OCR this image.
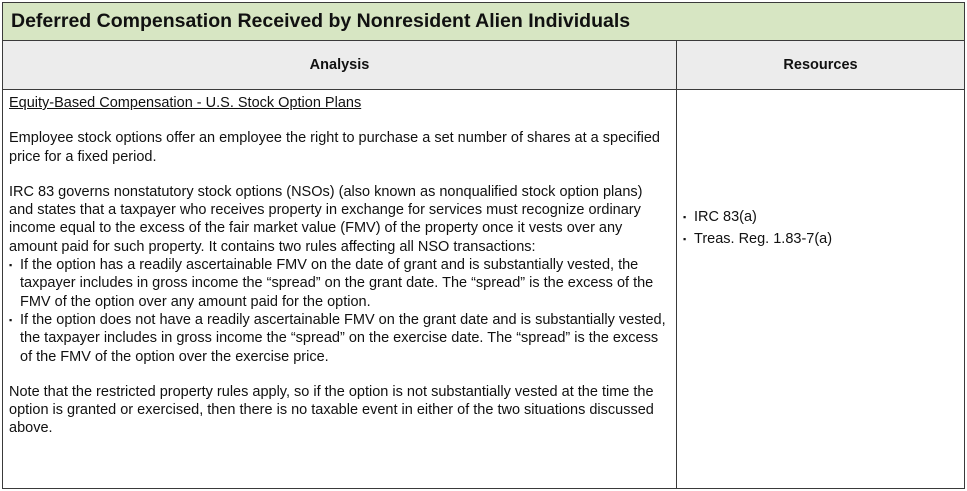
Deferred Compensation Received by Nonresident Alien Individuals
Analysis	Resources

Equity-Based Compensation - U.S. Stock Option Plans

Employee stock options offer an employee the right to purchase a set number of shares at a specified price for a fixed period.

IRC 83 governs nonstatutory stock options (NSOs) (also known as nonqualified stock option plans) and states that a taxpayer who receives property in exchange for services must recognize ordinary income equal to the excess of the fair market value (FMV) of the property once it vests over any amount paid for such property. It contains two rules affecting all NSO transactions:

▪ If the option has a readily ascertainable FMV on the date of grant and is substantially vested, the taxpayer includes in gross income the “spread” on the grant date. The “spread” is the excess of the FMV of the option over any amount paid for the option.
▪ If the option does not have a readily ascertainable FMV on the grant date and is substantially vested, the taxpayer includes in gross income the “spread” on the exercise date. The “spread” is the excess of the FMV of the option over the exercise price.

Note that the restricted property rules apply, so if the option is not substantially vested at the time the option is granted or exercised, then there is no taxable event in either of the two situations discussed above.

▪ IRC 83(a)
▪ Treas. Reg. 1.83-7(a)
